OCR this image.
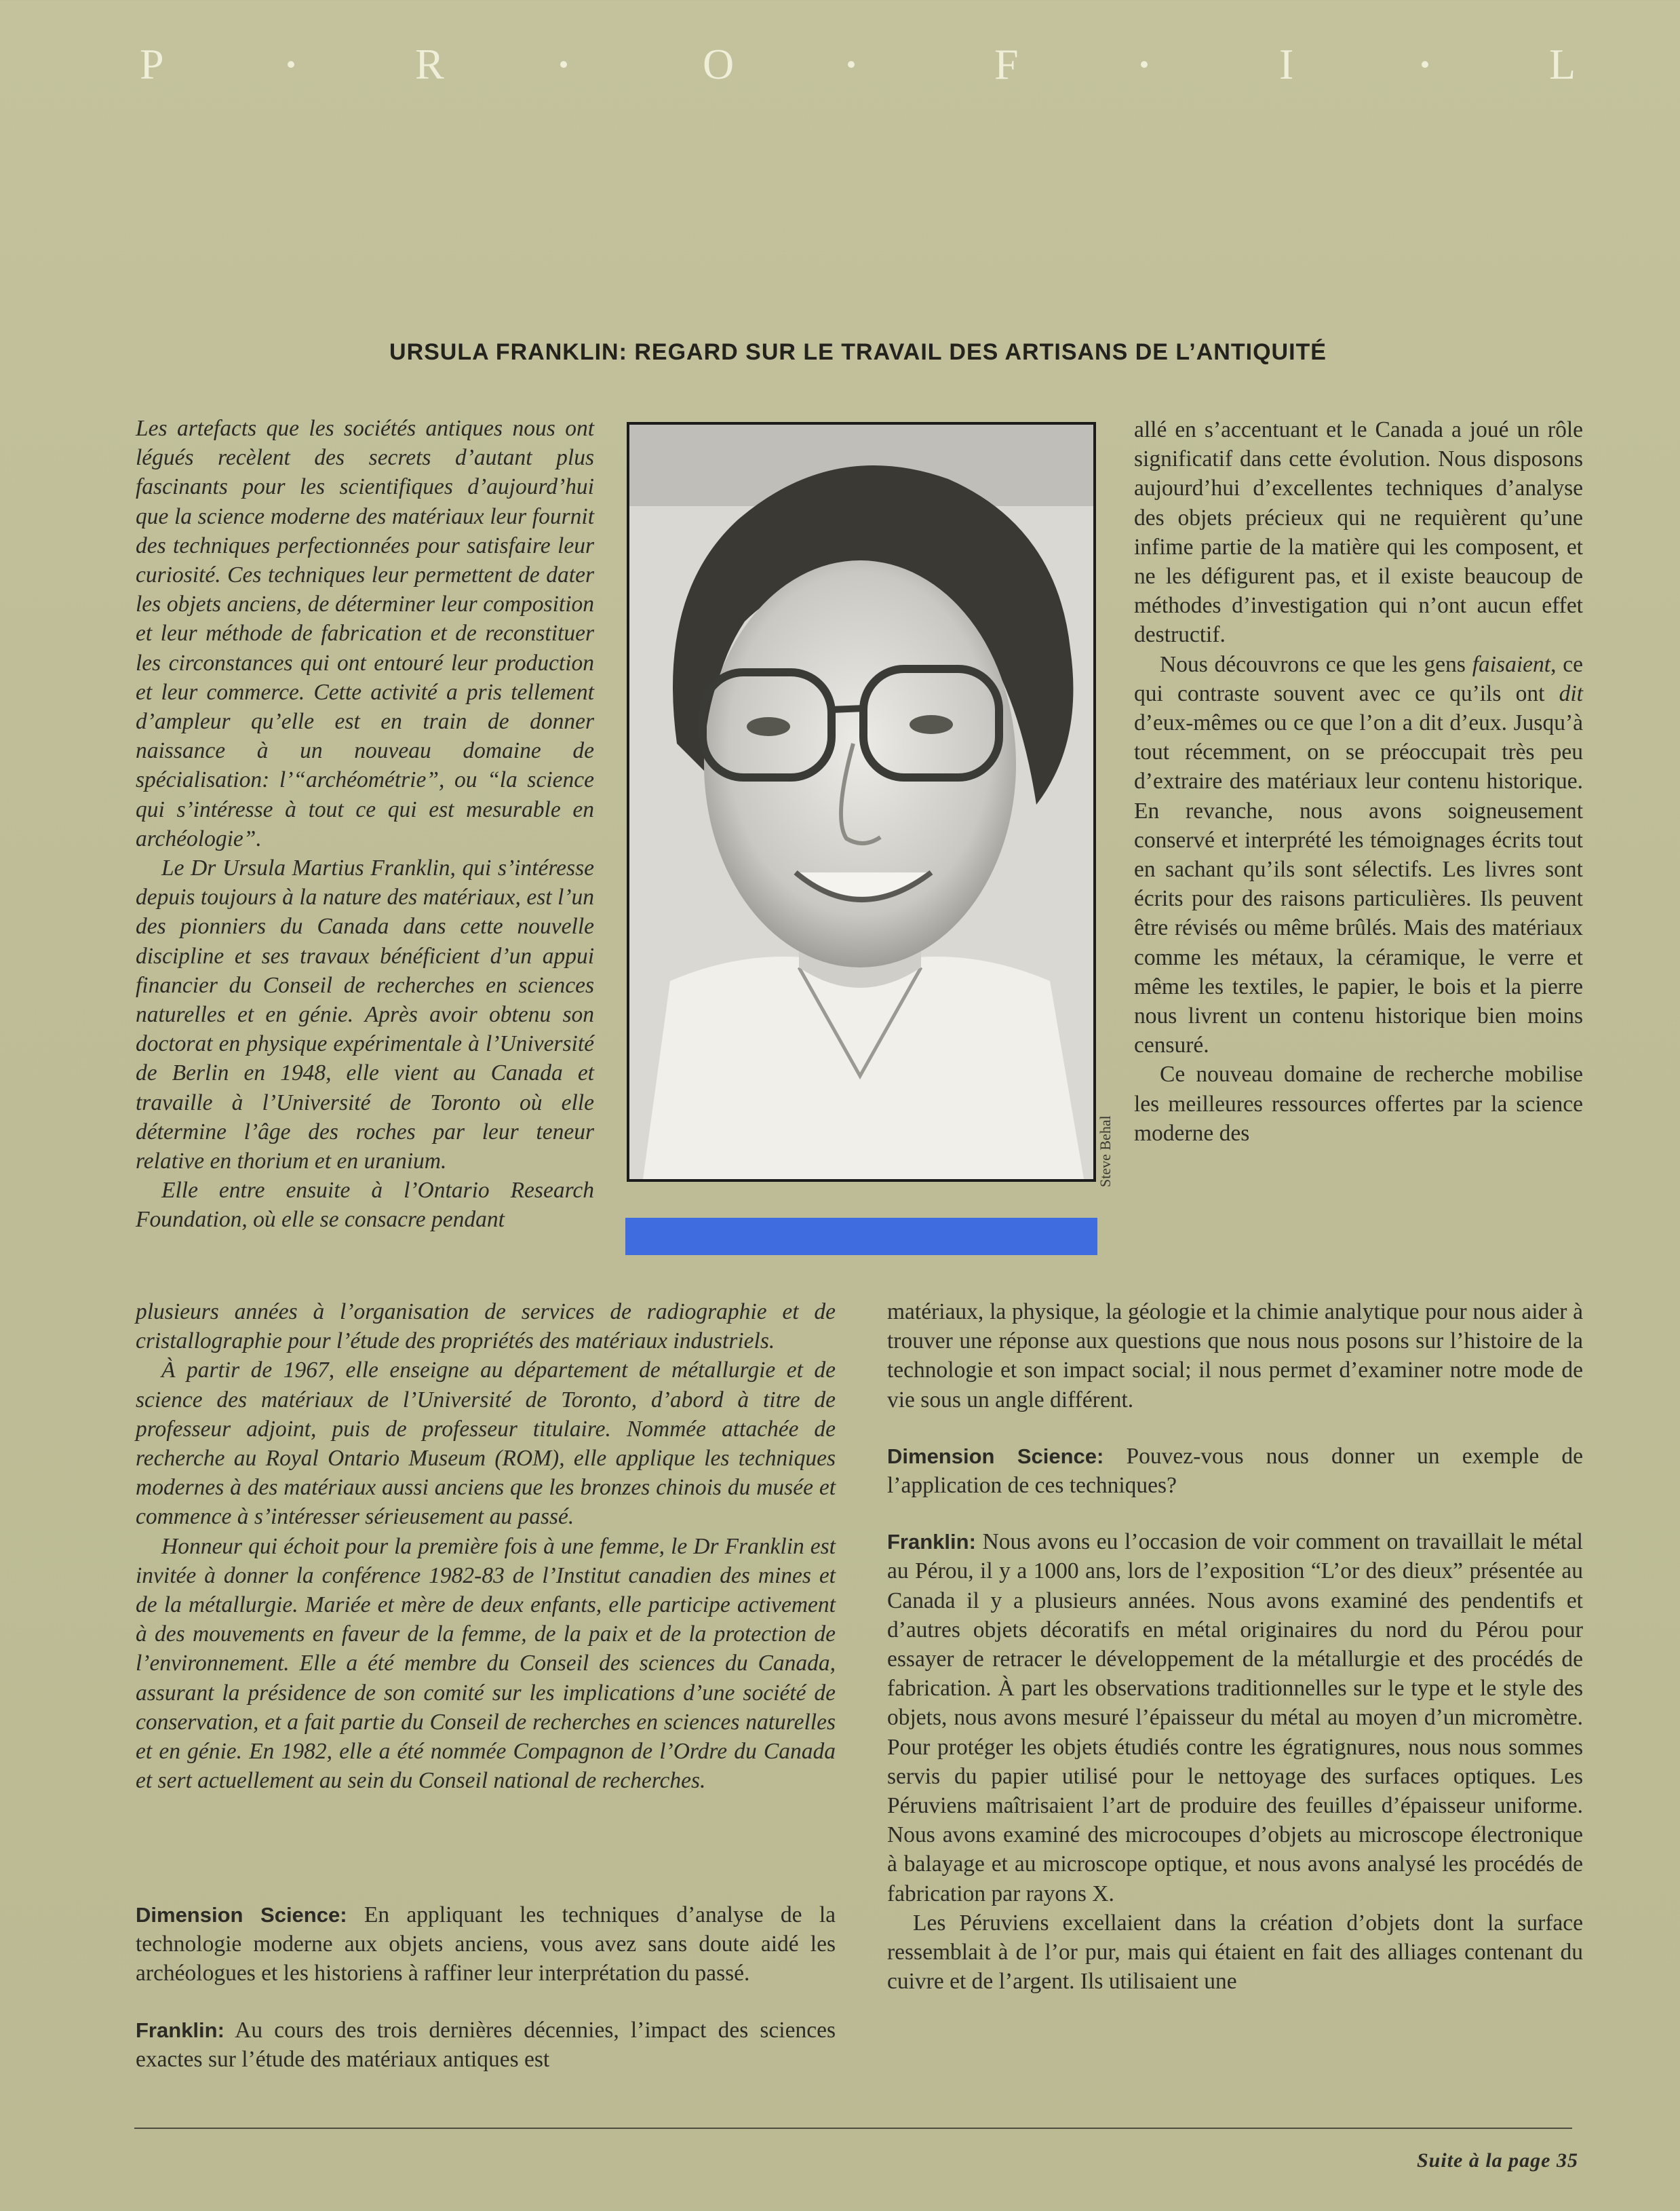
P	R	O	F	I	L
URSULA FRANKLIN: REGARD SUR LE TRAVAIL DES ARTISANS DE L’ANTIQUITÉ

Les artefacts que les sociétés antiques nous ont légués recèlent des secrets d’autant plus fascinants pour les scientifiques d’aujourd’hui que la science moderne des matériaux leur fournit des techniques perfectionnées pour satisfaire leur curiosité. Ces techniques leur permettent de dater les objets anciens, de déterminer leur composition et leur méthode de fabrication et de reconstituer les circonstances qui ont entouré leur production et leur commerce. Cette activité a pris tellement d’ampleur qu’elle est en train de donner naissance à un nouveau domaine de spécialisation: l’“archéométrie”, ou “la science qui s’intéresse à tout ce qui est mesurable en archéologie”.

Le Dr Ursula Martius Franklin, qui s’intéresse depuis toujours à la nature des matériaux, est l’un des pionniers du Canada dans cette nouvelle discipline et ses travaux bénéficient d’un appui financier du Conseil de recherches en sciences naturelles et en génie. Après avoir obtenu son doctorat en physique expérimentale à l’Université de Berlin en 1948, elle vient au Canada et travaille à l’Université de Toronto où elle détermine l’âge des roches par leur teneur relative en thorium et en uranium.

Elle entre ensuite à l’Ontario Research Foundation, où elle se consacre pendant

Steve Behal

plusieurs années à l’organisation de services de radiographie et de cristallographie pour l’étude des propriétés des matériaux industriels.

À partir de 1967, elle enseigne au département de métallurgie et de science des matériaux de l’Université de Toronto, d’abord à titre de professeur adjoint, puis de professeur titulaire. Nommée attachée de recherche au Royal Ontario Museum (ROM), elle applique les techniques modernes à des matériaux aussi anciens que les bronzes chinois du musée et commence à s’intéresser sérieusement au passé.

Honneur qui échoit pour la première fois à une femme, le Dr Franklin est invitée à donner la conférence 1982-83 de l’Institut canadien des mines et de la métallurgie. Mariée et mère de deux enfants, elle participe activement à des mouvements en faveur de la femme, de la paix et de la protection de l’environnement. Elle a été membre du Conseil des sciences du Canada, assurant la présidence de son comité sur les implications d’une société de conservation, et a fait partie du Conseil de recherches en sciences naturelles et en génie. En 1982, elle a été nommée Compagnon de l’Ordre du Canada et sert actuellement au sein du Conseil national de recherches.

Dimension Science: En appliquant les techniques d’analyse de la technologie moderne aux objets anciens, vous avez sans doute aidé les archéologues et les historiens à raffiner leur interprétation du passé.

Franklin: Au cours des trois dernières décennies, l’impact des sciences exactes sur l’étude des matériaux antiques est

allé en s’accentuant et le Canada a joué un rôle significatif dans cette évolution. Nous disposons aujourd’hui d’excellentes techniques d’analyse des objets précieux qui ne requièrent qu’une infime partie de la matière qui les composent, et ne les défigurent pas, et il existe beaucoup de méthodes d’investigation qui n’ont aucun effet destructif.

Nous découvrons ce que les gens faisaient, ce qui contraste souvent avec ce qu’ils ont dit d’eux-mêmes ou ce que l’on a dit d’eux. Jusqu’à tout récemment, on se préoccupait très peu d’extraire des matériaux leur contenu historique. En revanche, nous avons soigneusement conservé et interprété les témoignages écrits tout en sachant qu’ils sont sélectifs. Les livres sont écrits pour des raisons particulières. Ils peuvent être révisés ou même brûlés. Mais des matériaux comme les métaux, la céramique, le verre et même les textiles, le papier, le bois et la pierre nous livrent un contenu historique bien moins censuré.

Ce nouveau domaine de recherche mobilise les meilleures ressources offertes par la science moderne des

matériaux, la physique, la géologie et la chimie analytique pour nous aider à trouver une réponse aux questions que nous nous posons sur l’histoire de la technologie et son impact social; il nous permet d’examiner notre mode de vie sous un angle différent.

Dimension Science: Pouvez-vous nous donner un exemple de l’application de ces techniques?

Franklin: Nous avons eu l’occasion de voir comment on travaillait le métal au Pérou, il y a 1000 ans, lors de l’exposition “L’or des dieux” présentée au Canada il y a plusieurs années. Nous avons examiné des pendentifs et d’autres objets décoratifs en métal originaires du nord du Pérou pour essayer de retracer le développement de la métallurgie et des procédés de fabrication. À part les observations traditionnelles sur le type et le style des objets, nous avons mesuré l’épaisseur du métal au moyen d’un micromètre. Pour protéger les objets étudiés contre les égratignures, nous nous sommes servis du papier utilisé pour le nettoyage des surfaces optiques. Les Péruviens maîtrisaient l’art de produire des feuilles d’épaisseur uniforme. Nous avons examiné des microcoupes d’objets au microscope électronique à balayage et au microscope optique, et nous avons analysé les procédés de fabrication par rayons X.

Les Péruviens excellaient dans la création d’objets dont la surface ressemblait à de l’or pur, mais qui étaient en fait des alliages contenant du cuivre et de l’argent. Ils utilisaient une

Suite à la page 35
